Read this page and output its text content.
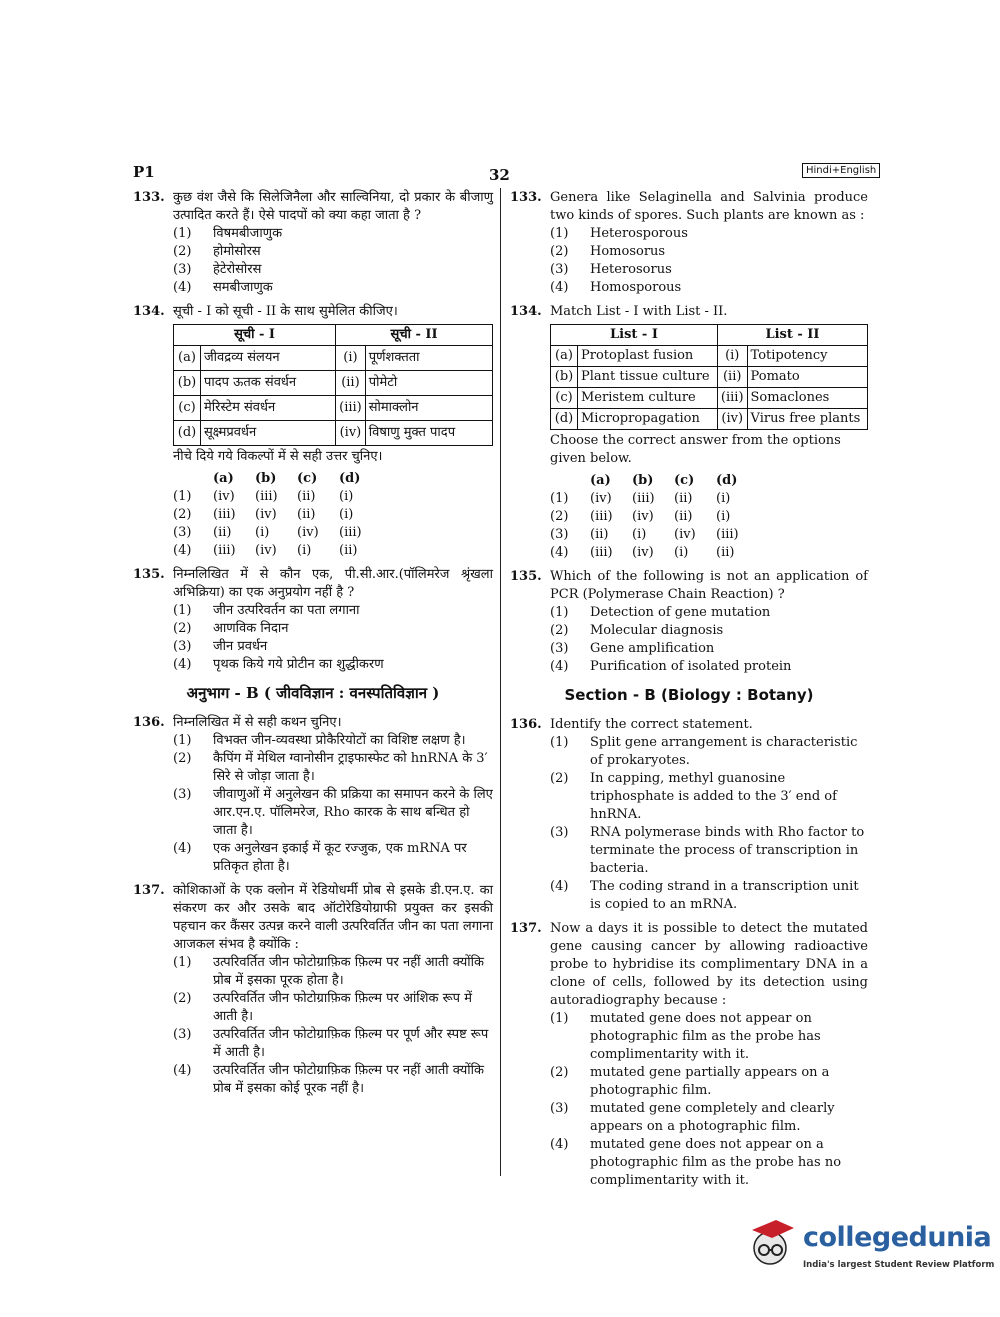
P1	32	Hindi+English
133. कुछ वंश जैसे कि सिलेजिनैला और साल्विनिया, दो प्रकार के बीजाणु उत्पादित करते हैं। ऐसे पादपों को क्या कहा जाता है ?
(1) विषमबीजाणुक
(2) होमोसोरस
(3) हेटेरोसोरस
(4) समबीजाणुक
134. सूची - I को सूची - II के साथ सुमेलित कीजिए।
सूची - I		सूची - II	
(a)	जीवद्रव्य संलयन	(i)	पूर्णशक्तता
(b)	पादप ऊतक संवर्धन	(ii)	पोमेटो
(c)	मेरिस्टेम संवर्धन	(iii)	सोमाक्लोन
(d)	सूक्ष्मप्रवर्धन	(iv)	विषाणु मुक्त पादप
नीचे दिये गये विकल्पों में से सही उत्तर चुनिए।
(a)	(b)	(c)	(d)
(1)	(iv)	(iii)	(ii)	(i)
(2)	(iii)	(iv)	(ii)	(i)
(3)	(ii)	(i)	(iv)	(iii)
(4)	(iii)	(iv)	(i)	(ii)
135. निम्नलिखित में से कौन एक, पी.सी.आर.(पॉलिमरेज श्रृंखला अभिक्रिया) का एक अनुप्रयोग नहीं है ?
(1) जीन उत्परिवर्तन का पता लगाना
(2) आणविक निदान
(3) जीन प्रवर्धन
(4) पृथक किये गये प्रोटीन का शुद्धीकरण
अनुभाग - B ( जीवविज्ञान : वनस्पतिविज्ञान )
136. निम्नलिखित में से सही कथन चुनिए।
(1) विभक्त जीन-व्यवस्था प्रोकैरियोटों का विशिष्ट लक्षण है।
(2) कैपिंग में मेथिल ग्वानोसीन ट्राइफास्फेट को hnRNA के 3′ सिरे से जोड़ा जाता है।
(3) जीवाणुओं में अनुलेखन की प्रक्रिया का समापन करने के लिए आर.एन.ए. पॉलिमरेज, Rho कारक के साथ बन्धित हो जाता है।
(4) एक अनुलेखन इकाई में कूट रज्जुक, एक mRNA पर प्रतिकृत होता है।
137. कोशिकाओं के एक क्लोन में रेडियोधर्मी प्रोब से इसके डी.एन.ए. का संकरण कर और उसके बाद ऑटोरेडियोग्राफी प्रयुक्त कर इसकी पहचान कर कैंसर उत्पन्न करने वाली उत्परिवर्तित जीन का पता लगाना आजकल संभव है क्योंकि :
(1) उत्परिवर्तित जीन फोटोग्राफ़िक फ़िल्म पर नहीं आती क्योंकि प्रोब में इसका पूरक होता है।
(2) उत्परिवर्तित जीन फोटोग्राफ़िक फ़िल्म पर आंशिक रूप में आती है।
(3) उत्परिवर्तित जीन फोटोग्राफ़िक फ़िल्म पर पूर्ण और स्पष्ट रूप में आती है।
(4) उत्परिवर्तित जीन फोटोग्राफ़िक फ़िल्म पर नहीं आती क्योंकि प्रोब में इसका कोई पूरक नहीं है।
133. Genera like Selaginella and Salvinia produce two kinds of spores. Such plants are known as :
(1) Heterosporous
(2) Homosorus
(3) Heterosorus
(4) Homosporous
134. Match List - I with List - II.
List - I		List - II	
(a)	Protoplast fusion	(i)	Totipotency
(b)	Plant tissue culture	(ii)	Pomato
(c)	Meristem culture	(iii)	Somaclones
(d)	Micropropagation	(iv)	Virus free plants
Choose the correct answer from the options given below.
(a)	(b)	(c)	(d)
(1)	(iv)	(iii)	(ii)	(i)
(2)	(iii)	(iv)	(ii)	(i)
(3)	(ii)	(i)	(iv)	(iii)
(4)	(iii)	(iv)	(i)	(ii)
135. Which of the following is not an application of PCR (Polymerase Chain Reaction) ?
(1) Detection of gene mutation
(2) Molecular diagnosis
(3) Gene amplification
(4) Purification of isolated protein
Section - B (Biology : Botany)
136. Identify the correct statement.
(1) Split gene arrangement is characteristic of prokaryotes.
(2) In capping, methyl guanosine triphosphate is added to the 3′ end of hnRNA.
(3) RNA polymerase binds with Rho factor to terminate the process of transcription in bacteria.
(4) The coding strand in a transcription unit is copied to an mRNA.
137. Now a days it is possible to detect the mutated gene causing cancer by allowing radioactive probe to hybridise its complimentary DNA in a clone of cells, followed by its detection using autoradiography because :
(1) mutated gene does not appear on photographic film as the probe has complimentarity with it.
(2) mutated gene partially appears on a photographic film.
(3) mutated gene completely and clearly appears on a photographic film.
(4) mutated gene does not appear on a photographic film as the probe has no complimentarity with it.
collegedunia
India's largest Student Review Platform
